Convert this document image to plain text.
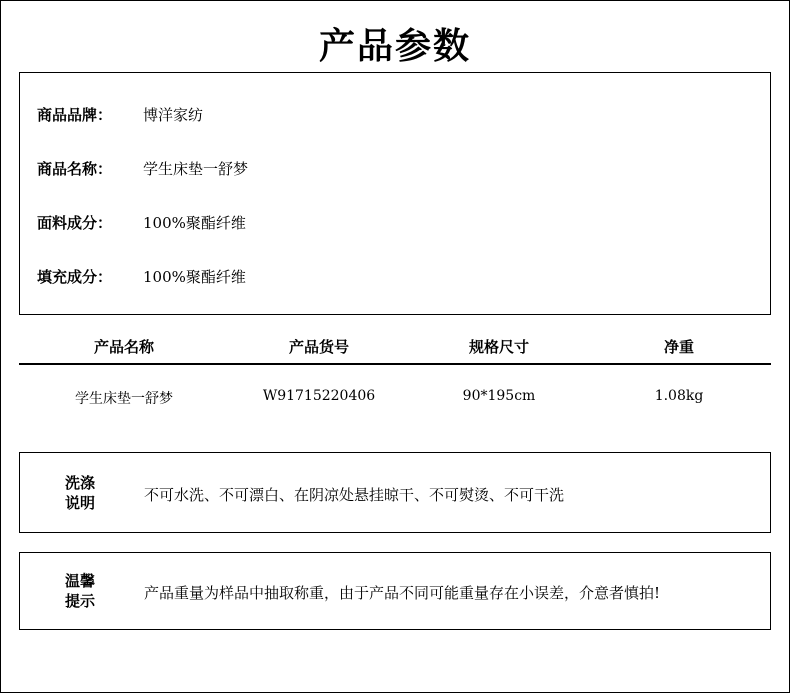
产品参数
商品品牌： 博洋家纺
商品名称： 学生床垫一舒梦
面料成分： 100%聚酯纤维
填充成分： 100%聚酯纤维
产品名称	产品货号	规格尺寸	净重
学生床垫一舒梦	W91715220406	90*195cm	1.08kg
洗涤
说明	不可水洗、不可漂白、在阴凉处悬挂晾干、不可熨烫、不可干洗
温馨
提示	产品重量为样品中抽取称重，由于产品不同可能重量存在小误差，介意者慎拍!
